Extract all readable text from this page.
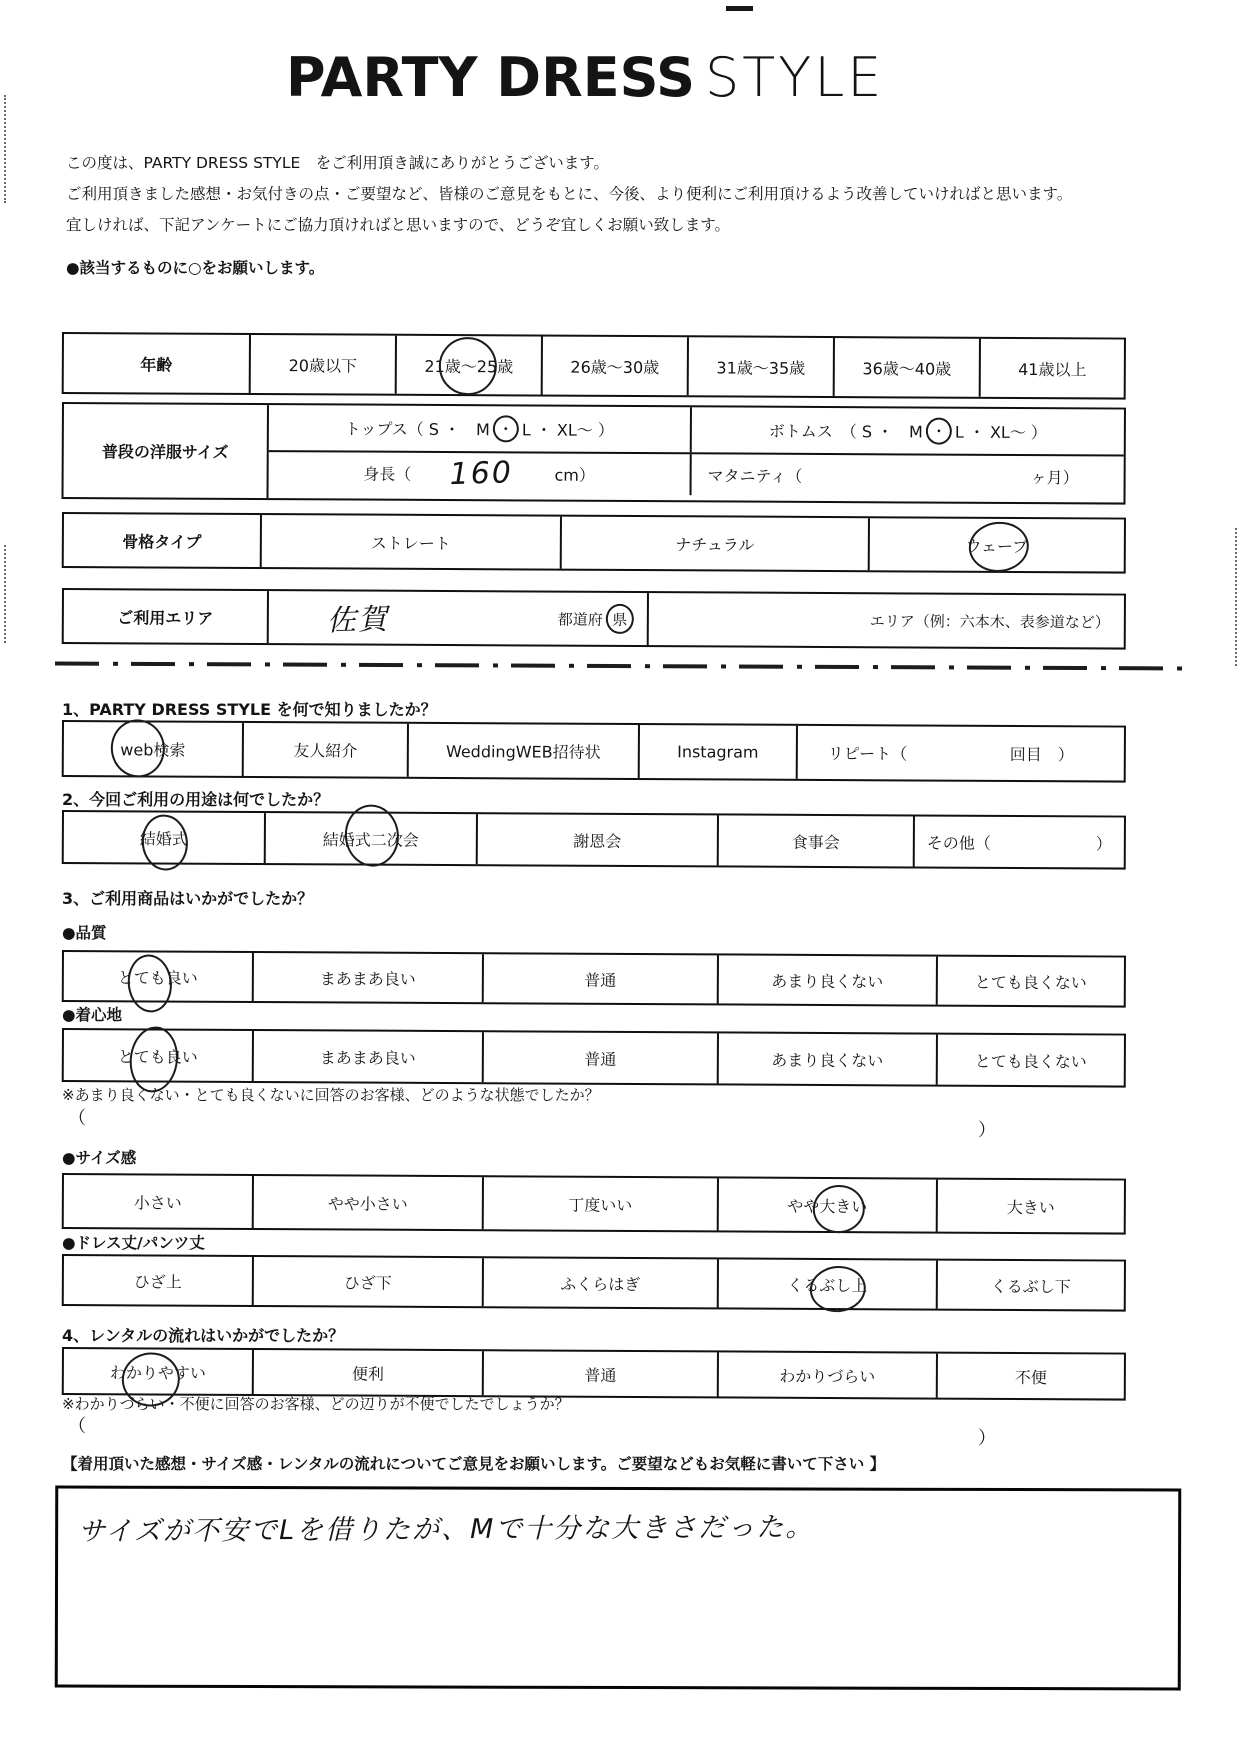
PARTY DRESS STYLE
この度は、PARTY DRESS STYLE　をご利用頂き誠にありがとうございます。
ご利用頂きました感想・お気付きの点・ご要望など、皆様のご意見をもとに、今後、より便利にご利用頂けるよう改善していければと思います。
宜しければ、下記アンケートにご協力頂ければと思いますので、どうぞ宜しくお願い致します。
●該当するものに○をお願いします。
年齢	20歳以下	21歳～25歳	26歳～30歳	31歳～35歳	36歳～40歳	41歳以上
普段の洋服サイズ
トップス（ S ・　M ・ L ・ XL～ ）	ボトムス　（ S ・　M ・ L ・ XL～ ）
身長（ 160	cm）	マタニティ（	ヶ月）
骨格タイプ	ストレート	ナチュラル	ウェーブ
ご利用エリア	佐賀	都道府 県	エリア（例：六本木、表参道など）
1、PARTY DRESS STYLE を何で知りましたか？
web検索	友人紹介	WeddingWEB招待状	Instagram	リピート（	回目　）
2、今回ご利用の用途は何でしたか？
結婚式	結婚式二次会	謝恩会	食事会	その他（	）
3、ご利用商品はいかがでしたか？
●品質
とても良い	まあまあ良い	普通	あまり良くない	とても良くない
●着心地
とても良い	まあまあ良い	普通	あまり良くない	とても良くない
※あまり良くない・とても良くないに回答のお客様、どのような状態でしたか？
（
）
●サイズ感
小さい	やや小さい	丁度いい	やや大きい	大きい
●ドレス丈/パンツ丈
ひざ上	ひざ下	ふくらはぎ	くるぶし上	くるぶし下
4、レンタルの流れはいかがでしたか？
わかりやすい	便利	普通	わかりづらい	不便
※わかりづらい・不便に回答のお客様、どの辺りが不便でしたでしょうか？
（
）
【着用頂いた感想・サイズ感・レンタルの流れについてご意見をお願いします。ご要望などもお気軽に書いて下さい 】
サイズが不安でLを借りたが、Mで十分な大きさだった。
